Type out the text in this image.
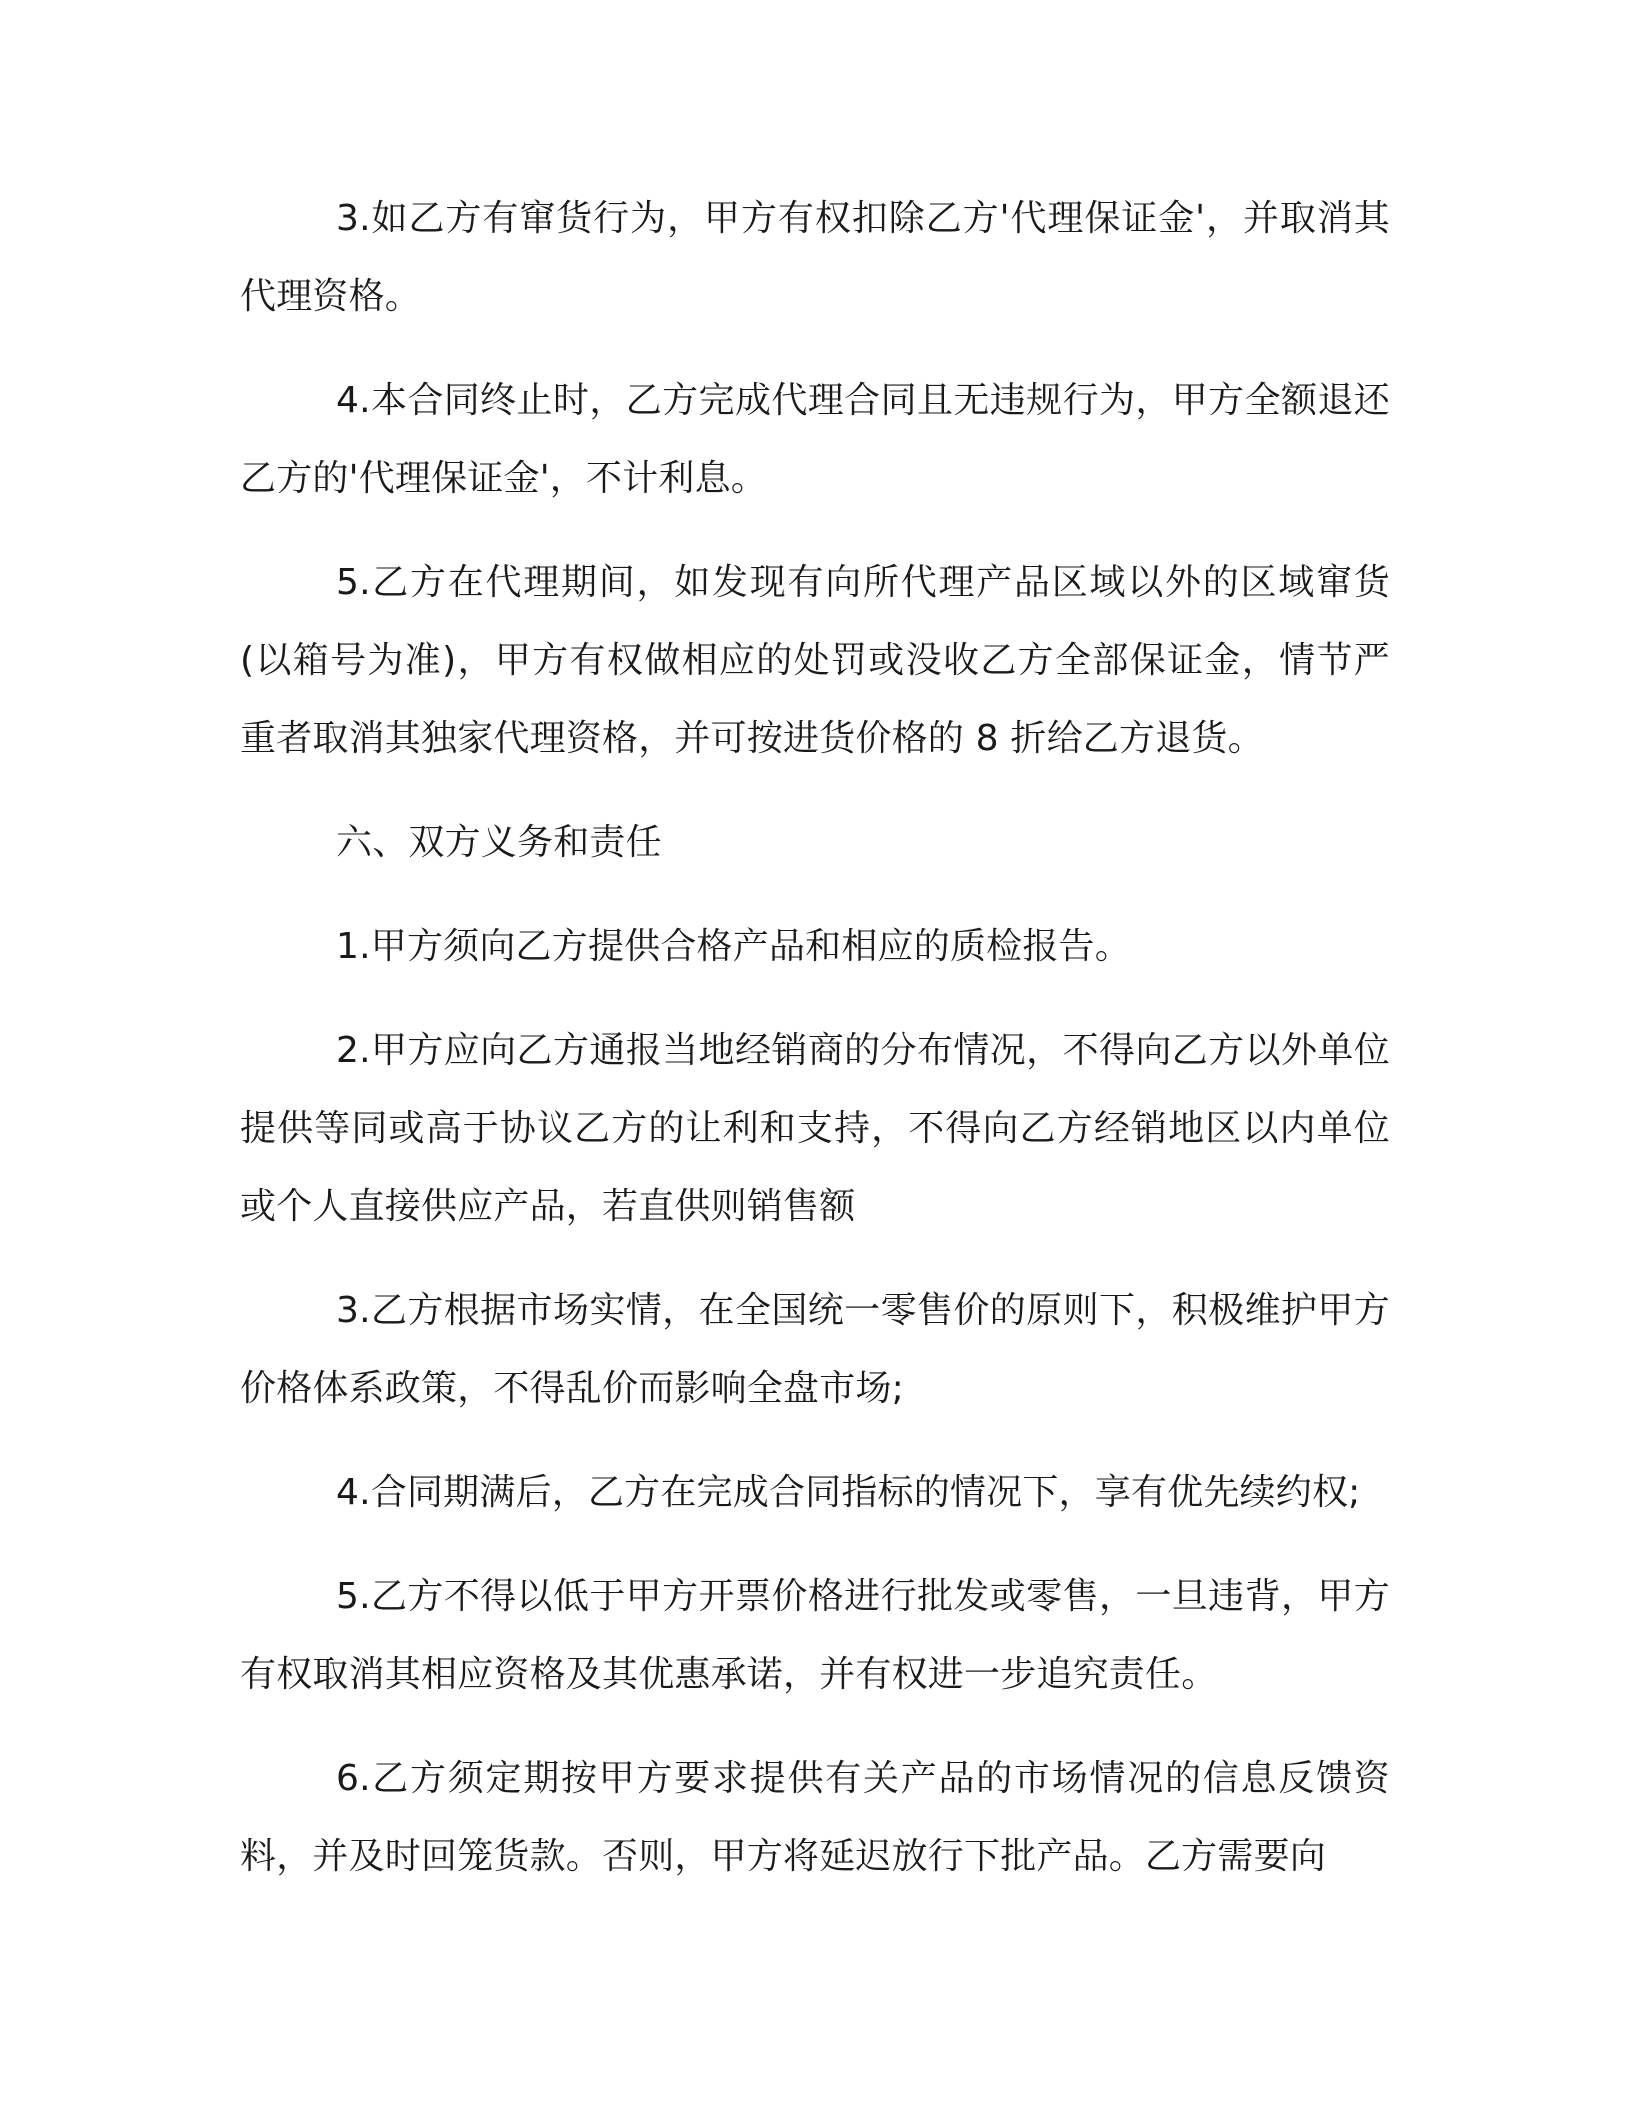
3.如乙方有窜货行为，甲方有权扣除乙方'代理保证金'，并取消其代理资格。

4.本合同终止时，乙方完成代理合同且无违规行为，甲方全额退还乙方的'代理保证金'，不计利息。

5.乙方在代理期间，如发现有向所代理产品区域以外的区域窜货(以箱号为准)，甲方有权做相应的处罚或没收乙方全部保证金，情节严重者取消其独家代理资格，并可按进货价格的 8 折给乙方退货。

六、双方义务和责任

1.甲方须向乙方提供合格产品和相应的质检报告。

2.甲方应向乙方通报当地经销商的分布情况，不得向乙方以外单位提供等同或高于协议乙方的让利和支持，不得向乙方经销地区以内单位或个人直接供应产品，若直供则销售额

3.乙方根据市场实情，在全国统一零售价的原则下，积极维护甲方价格体系政策，不得乱价而影响全盘市场;

4.合同期满后，乙方在完成合同指标的情况下，享有优先续约权;

5.乙方不得以低于甲方开票价格进行批发或零售，一旦违背，甲方有权取消其相应资格及其优惠承诺，并有权进一步追究责任。

6.乙方须定期按甲方要求提供有关产品的市场情况的信息反馈资料，并及时回笼货款。否则，甲方将延迟放行下批产品。乙方需要向
